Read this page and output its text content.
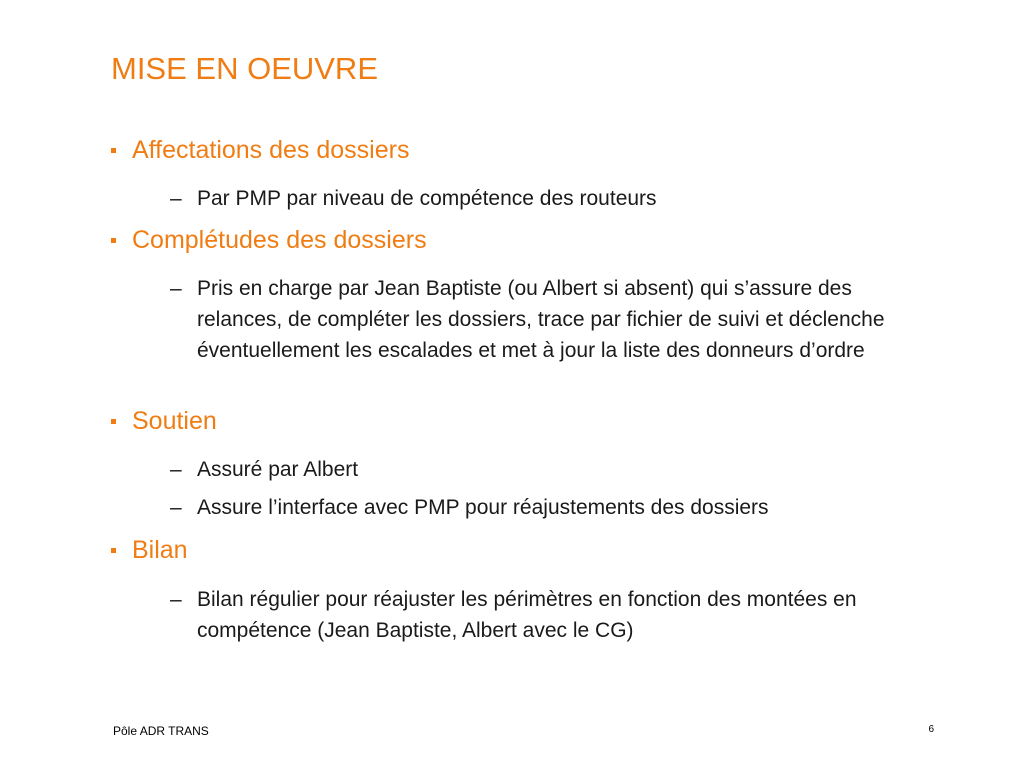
MISE EN OEUVRE
Affectations des dossiers
– Par PMP par niveau de compétence des routeurs
Complétudes des dossiers
– Pris en charge par Jean Baptiste (ou Albert si absent) qui s’assure des relances, de compléter les dossiers, trace par fichier de suivi et déclenche éventuellement les escalades et met à jour la liste des donneurs d’ordre
Soutien
– Assuré par Albert
– Assure l’interface avec PMP pour réajustements des dossiers
Bilan
– Bilan régulier pour réajuster les périmètres en fonction des montées en compétence (Jean Baptiste, Albert avec le CG)
Pôle ADR TRANS	6
